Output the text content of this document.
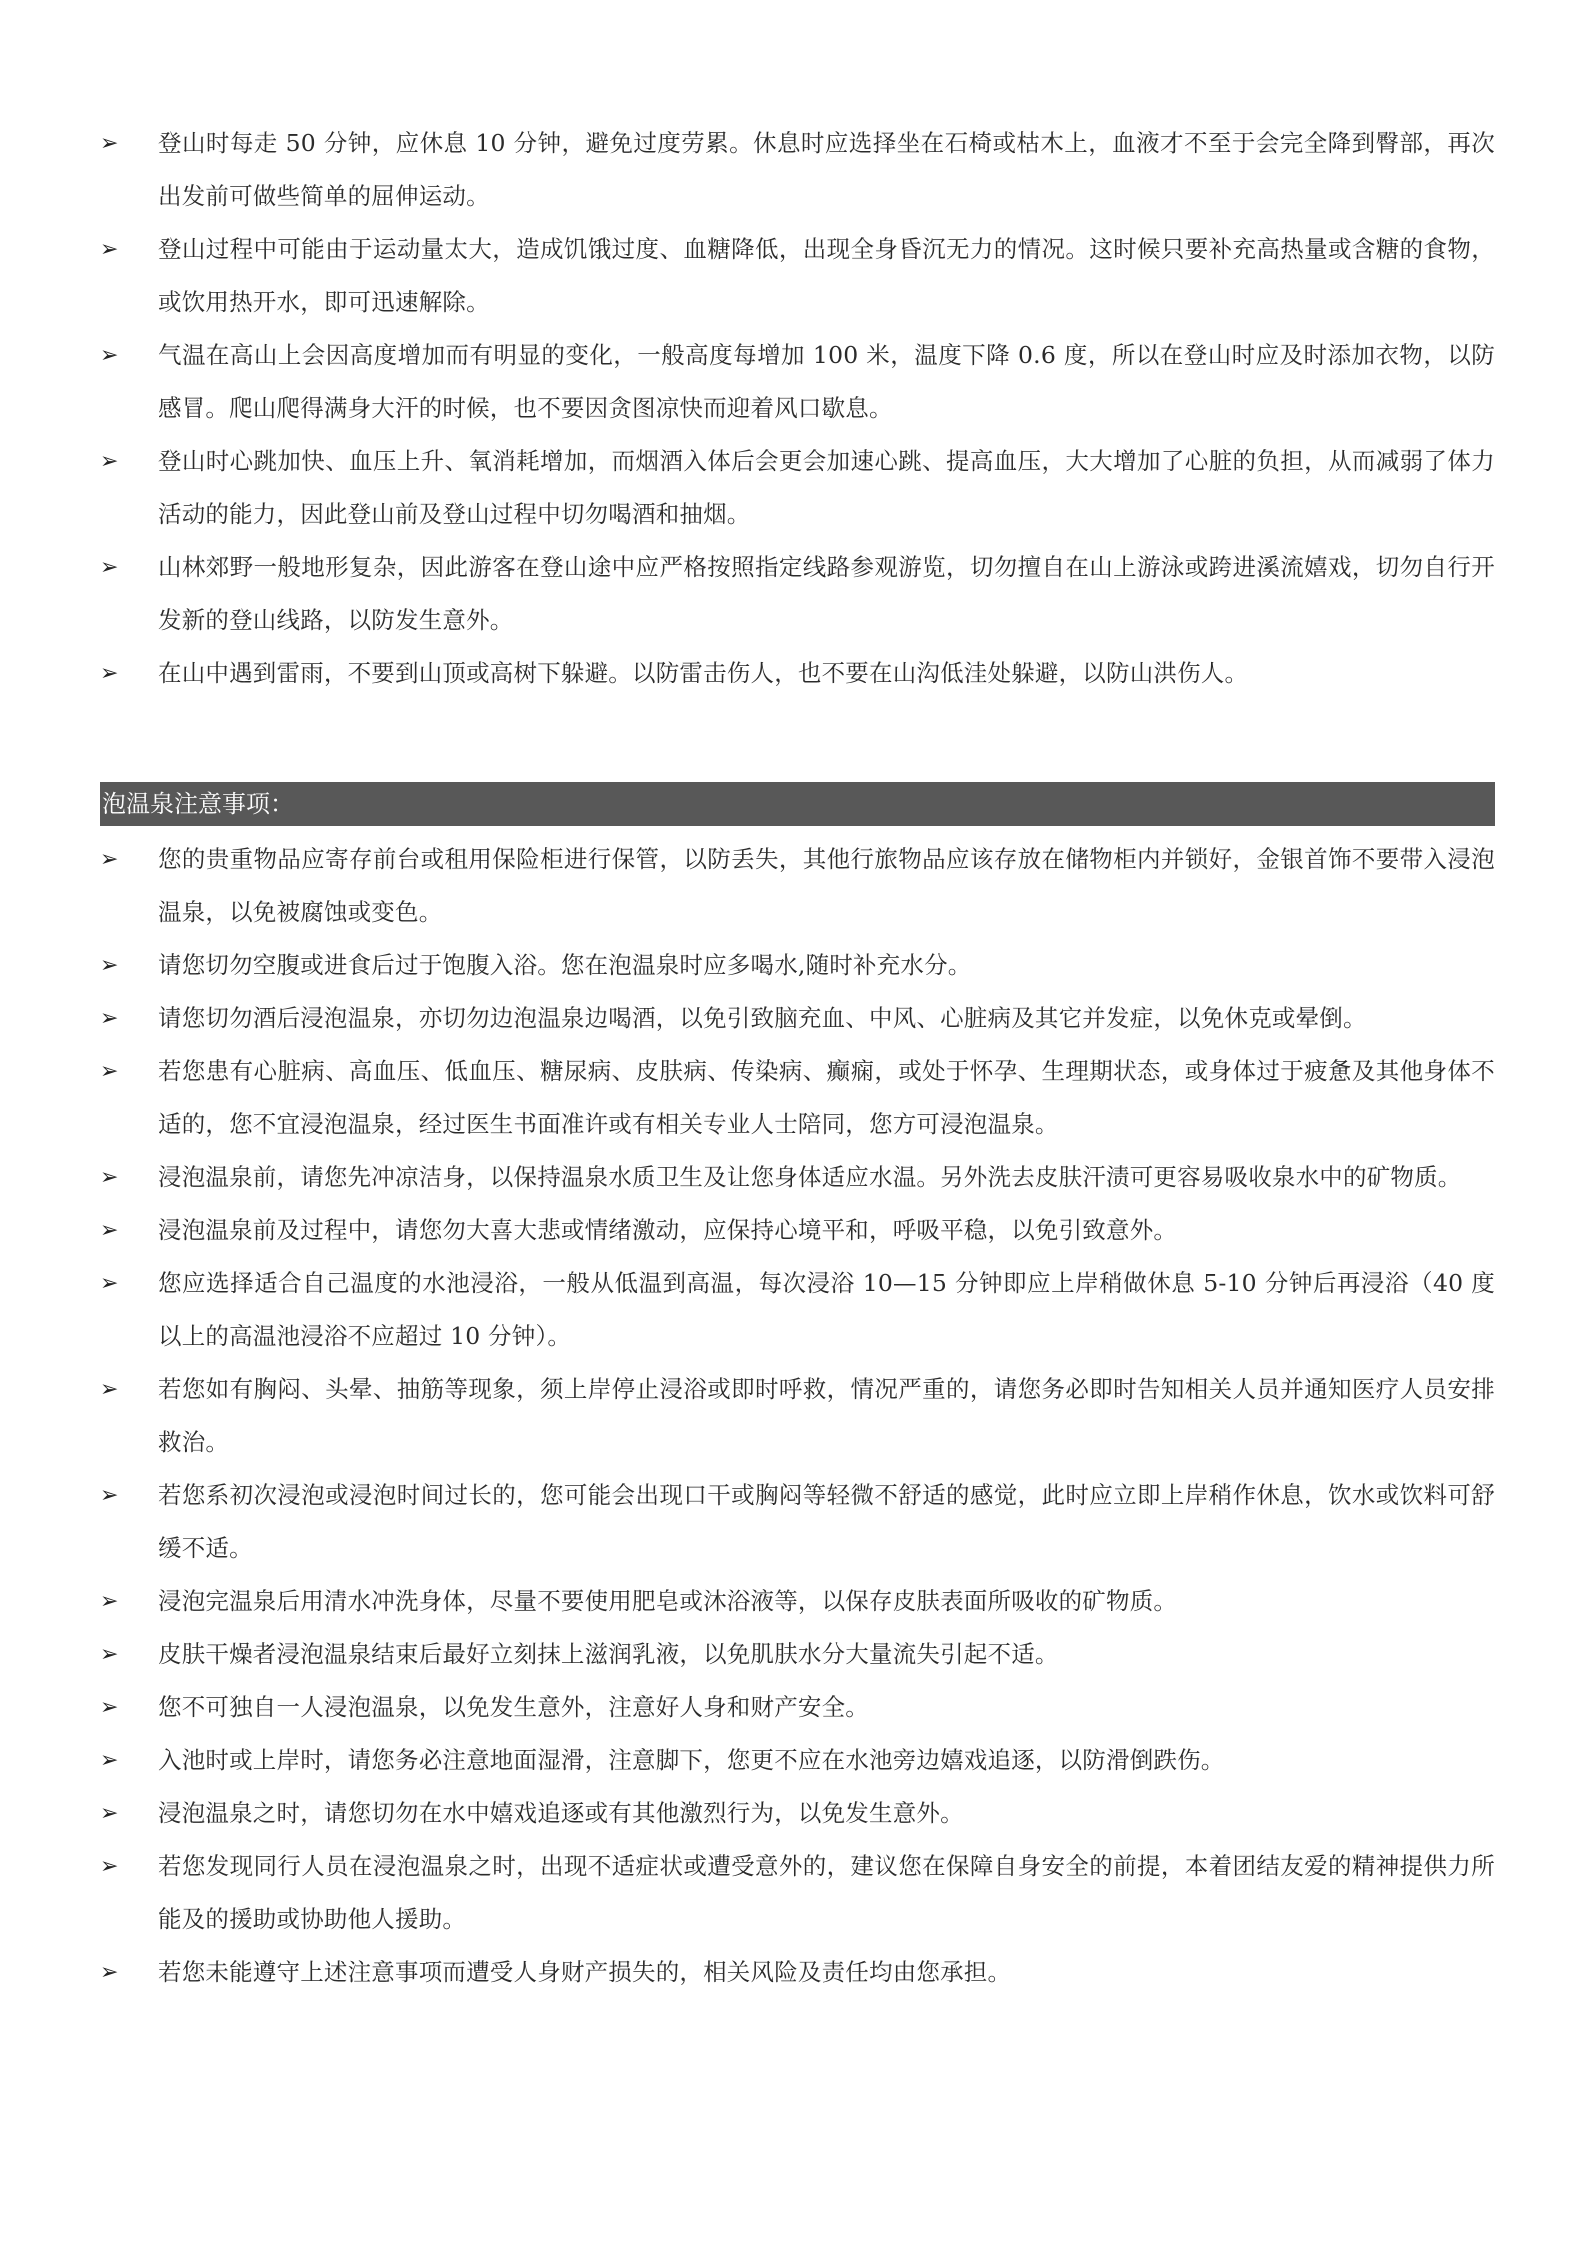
➢	登山时每走 50 分钟，应休息 10 分钟，避免过度劳累。休息时应选择坐在石椅或枯木上，血液才不至于会完全降到臀部，再次出发前可做些简单的屈伸运动。
➢	登山过程中可能由于运动量太大，造成饥饿过度、血糖降低，出现全身昏沉无力的情况。这时候只要补充高热量或含糖的食物，或饮用热开水，即可迅速解除。
➢	气温在高山上会因高度增加而有明显的变化，一般高度每增加 100 米，温度下降 0.6 度，所以在登山时应及时添加衣物，以防感冒。爬山爬得满身大汗的时候，也不要因贪图凉快而迎着风口歇息。
➢	登山时心跳加快、血压上升、氧消耗增加，而烟酒入体后会更会加速心跳、提高血压，大大增加了心脏的负担，从而减弱了体力活动的能力，因此登山前及登山过程中切勿喝酒和抽烟。
➢	山林郊野一般地形复杂，因此游客在登山途中应严格按照指定线路参观游览，切勿擅自在山上游泳或跨进溪流嬉戏，切勿自行开发新的登山线路，以防发生意外。
➢	在山中遇到雷雨，不要到山顶或高树下躲避。以防雷击伤人，也不要在山沟低洼处躲避，以防山洪伤人。
泡温泉注意事项：
➢	您的贵重物品应寄存前台或租用保险柜进行保管，以防丢失，其他行旅物品应该存放在储物柜内并锁好，金银首饰不要带入浸泡温泉，以免被腐蚀或变色。
➢	请您切勿空腹或进食后过于饱腹入浴。您在泡温泉时应多喝水,随时补充水分。
➢	请您切勿酒后浸泡温泉，亦切勿边泡温泉边喝酒，以免引致脑充血、中风、心脏病及其它并发症，以免休克或晕倒。
➢	若您患有心脏病、高血压、低血压、糖尿病、皮肤病、传染病、癫痫，或处于怀孕、生理期状态，或身体过于疲惫及其他身体不适的，您不宜浸泡温泉，经过医生书面准许或有相关专业人士陪同，您方可浸泡温泉。
➢	浸泡温泉前，请您先冲凉洁身，以保持温泉水质卫生及让您身体适应水温。另外洗去皮肤汗渍可更容易吸收泉水中的矿物质。
➢	浸泡温泉前及过程中，请您勿大喜大悲或情绪激动，应保持心境平和，呼吸平稳，以免引致意外。
➢	您应选择适合自己温度的水池浸浴，一般从低温到高温，每次浸浴 10—15 分钟即应上岸稍做休息 5-10 分钟后再浸浴（40 度以上的高温池浸浴不应超过 10 分钟）。
➢	若您如有胸闷、头晕、抽筋等现象，须上岸停止浸浴或即时呼救，情况严重的，请您务必即时告知相关人员并通知医疗人员安排救治。
➢	若您系初次浸泡或浸泡时间过长的，您可能会出现口干或胸闷等轻微不舒适的感觉，此时应立即上岸稍作休息，饮水或饮料可舒缓不适。
➢	浸泡完温泉后用清水冲洗身体，尽量不要使用肥皂或沐浴液等，以保存皮肤表面所吸收的矿物质。
➢	皮肤干燥者浸泡温泉结束后最好立刻抹上滋润乳液，以免肌肤水分大量流失引起不适。
➢	您不可独自一人浸泡温泉，以免发生意外，注意好人身和财产安全。
➢	入池时或上岸时，请您务必注意地面湿滑，注意脚下，您更不应在水池旁边嬉戏追逐，以防滑倒跌伤。
➢	浸泡温泉之时，请您切勿在水中嬉戏追逐或有其他激烈行为，以免发生意外。
➢	若您发现同行人员在浸泡温泉之时，出现不适症状或遭受意外的，建议您在保障自身安全的前提，本着团结友爱的精神提供力所能及的援助或协助他人援助。
➢	若您未能遵守上述注意事项而遭受人身财产损失的，相关风险及责任均由您承担。
